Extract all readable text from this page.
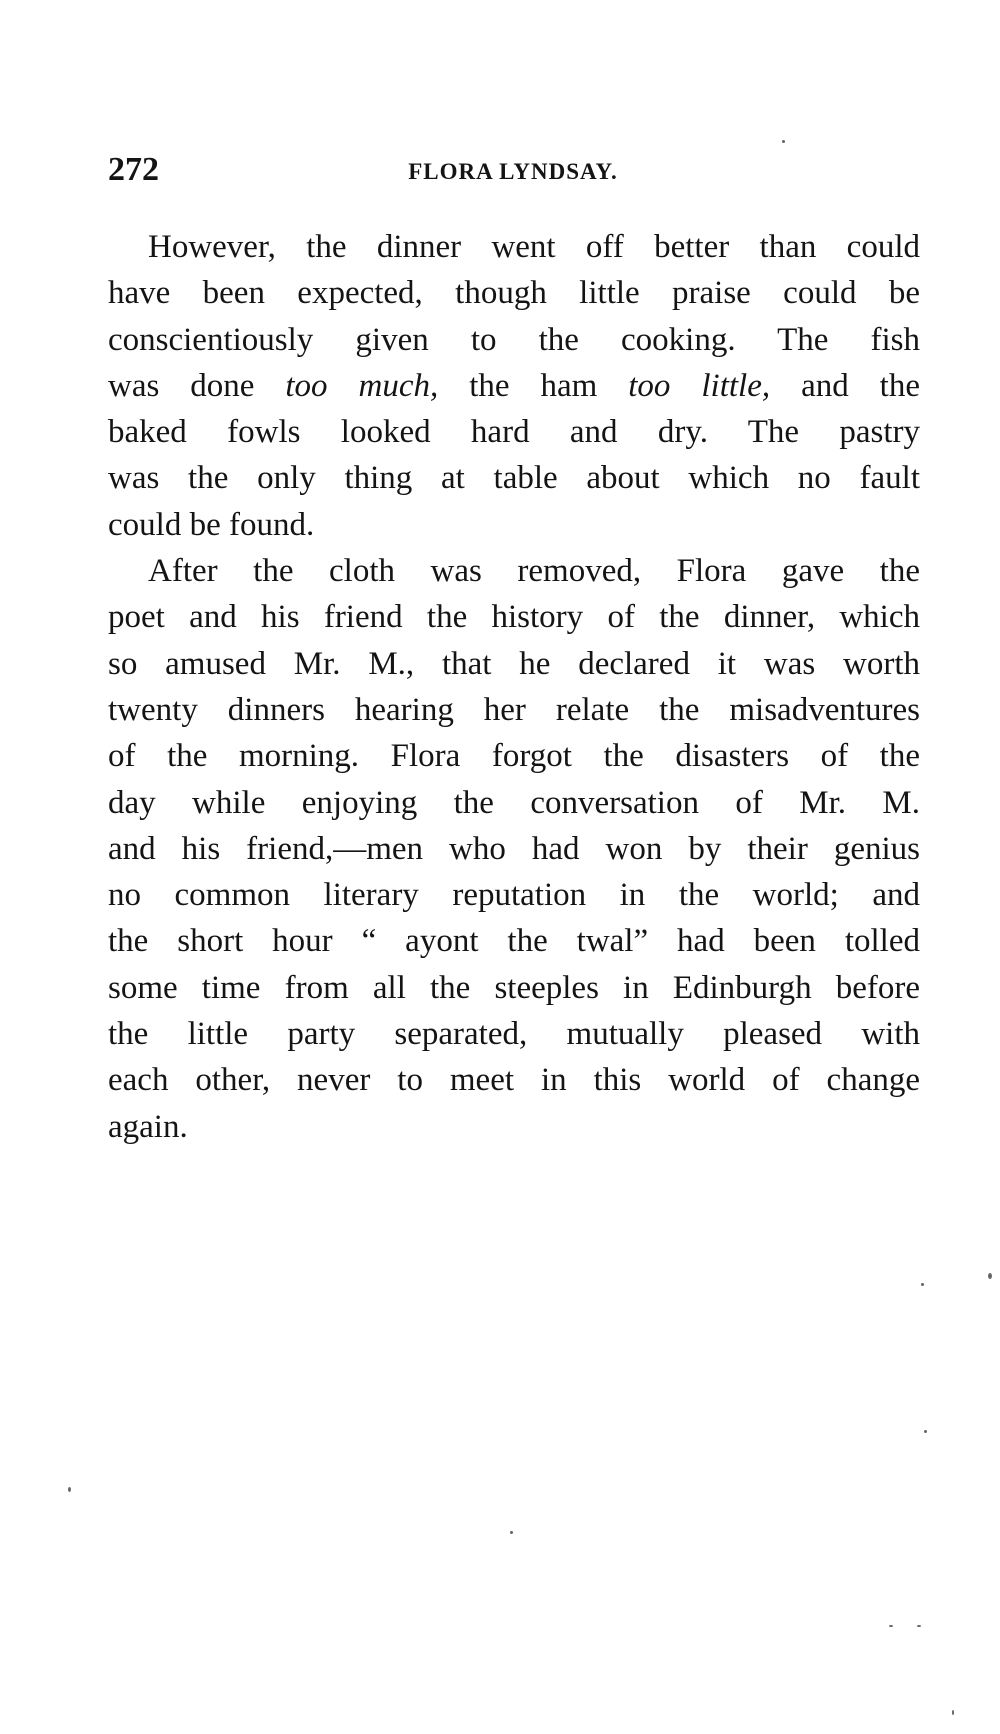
272	FLORA LYNDSAY.
However, the dinner went off better than could
have been expected, though little praise could be
conscientiously given to the cooking. The fish
was done too much, the ham too little, and the
baked fowls looked hard and dry. The pastry
was the only thing at table about which no fault
could be found.
After the cloth was removed, Flora gave the
poet and his friend the history of the dinner, which
so amused Mr. M., that he declared it was worth
twenty dinners hearing her relate the misadventures
of the morning. Flora forgot the disasters of the
day while enjoying the conversation of Mr. M.
and his friend,—men who had won by their genius
no common literary reputation in the world; and
the short hour “ ayont the twal” had been tolled
some time from all the steeples in Edinburgh before
the little party separated, mutually pleased with
each other, never to meet in this world of change
again.
